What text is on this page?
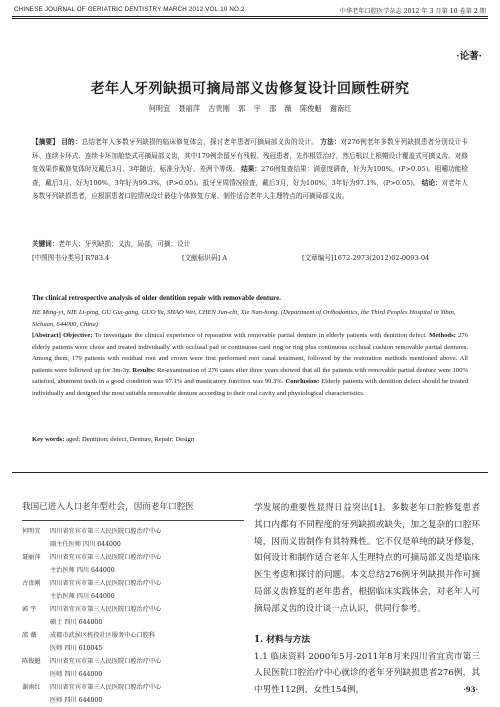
CHINESE JOURNAL OF GERIATRIC DENTISTRY MARCH 2012 VOL.10 NO.2	中华老年口腔医学杂志 2012 年 3 月第 10 卷第 2 期
·论著·
老年人牙列缺损可摘局部义齿修复设计回顾性研究
何明宜 聂丽萍 古贵刚 郭 宇 邵 薇 陈俊魁 谢南红
【摘要】 目的：总结老年人多数牙列缺损的临床修复体会，探讨老年患者可摘局部义齿的设计。 方法：对276例老年多数牙列缺损患者分别设计卡环、连续卡环式、连续卡环加舱垫式可摘局部义齿，其中179例余留牙有残根、残冠患者，先作根管治疗，然后根以上根帽设计覆盖式可摘义齿。对修复效果作戴修复体时及戴后3月、3年随访，标准分为好、差两个等级。 结果：276例复查结果：满意度调查，好为为100%，(P>0.05)。咀嚼功能检查，戴后3月、好为100%，3年好为99.3%，(P>0.05)。抵牙牙周情况检查，戴后3月，好为100%，3年好为97.1%，(P>0.05)。 结论：对老年人多数牙列缺损患者，应根据患者口腔情况设计最佳个体修复方案、制作适合老年人生理特点的可摘局部义齿。
关键词：老年人；牙列缺损；义齿，局部，可摘；设计
[中图图书分类号] R783.4	[文献标识码] A	[文章编号]1672-2973(2012)02-0093-04
The clinical retrospective analysis of older dentition repair with removable denture.
HE Ming-yi, NIE Li-ping, GU Gui-gang, GUO Yu, SHAO Wei, CHEN Jun-chi, Xie Nan-hong. (Department of Orthodontics, the Third Peoples Hospital in Yibin, Sichuan, 644000, China)
[Abstract] Objective: To investigate the clinical experience of reparation with removable partial denture in elderly patients with dentition defect. Methods: 276 elderly patients were chose and treated individually with occlusal pad or continuous card ring or ring plus continuous occlusal cushion removable partial dentures. Among them, 179 patients with residual root and crown were first performed root canal treatment, followed by the restoration methods mentioned above. All patients were followed up for 3m-3y. Results: Re-examination of 276 cases after three years showed that all the patients with removable partial denture were 100% satisfied, abutment teeth in a good condition was 97.1% and masticatory function was 99.3%. Conclusion: Elderly patients with dentition defect should be treated individually and designed the most suitable removable denture according to their oral cavity and physiological characteristics.
Key words: aged; Dentition; defect, Denture, Repair; Design

我国已进入人口老年型社会，因而老年口腔医

何明宜	四川省宜宾市第三人民医院口腔治疗中心
副主任医师 四川 644000
聂丽萍	四川省宜宾市第三人民医院口腔治疗中心
主治医师 四川 644000
古贵刚	四川省宜宾市第三人民医院口腔治疗中心
主治医师 四川 644000
郭 宇	四川省宜宾市第三人民医院口腔治疗中心
硕士 四川 644000
邵 薇	成都市武侯区机投社区服务中心口腔科
医师 四川 610045
陈俊魁	四川省宜宾市第三人民医院口腔治疗中心
医师 四川 644000
谢南红	四川省宜宾市第三人民医院口腔治疗中心
医师 四川 644000

学发展的重要性显得日益突出[1]。多数老年口腔修复患者其口内都有不同程度的牙列缺损或缺失，加之复杂的口腔环境，因而义齿制作有其特殊性。它不仅是单纯的缺牙修复，如何设计和制作适合老年人生理特点的可摘局部义齿是临床医生考虑和探讨的问题。本文总结276例牙列缺损并作可摘局部义齿修复的老年患者，根据临床实践体会，对老年人可摘局部义齿的设计谈一点认识，供同行参考。

1. 材料与方法

1.1 临床资料 2000年5月-2011年8月来四川省宜宾市第三人民医院口腔治疗中心就诊的老年牙列缺损患者276例，其中男性112例，女性154例，	·93·
